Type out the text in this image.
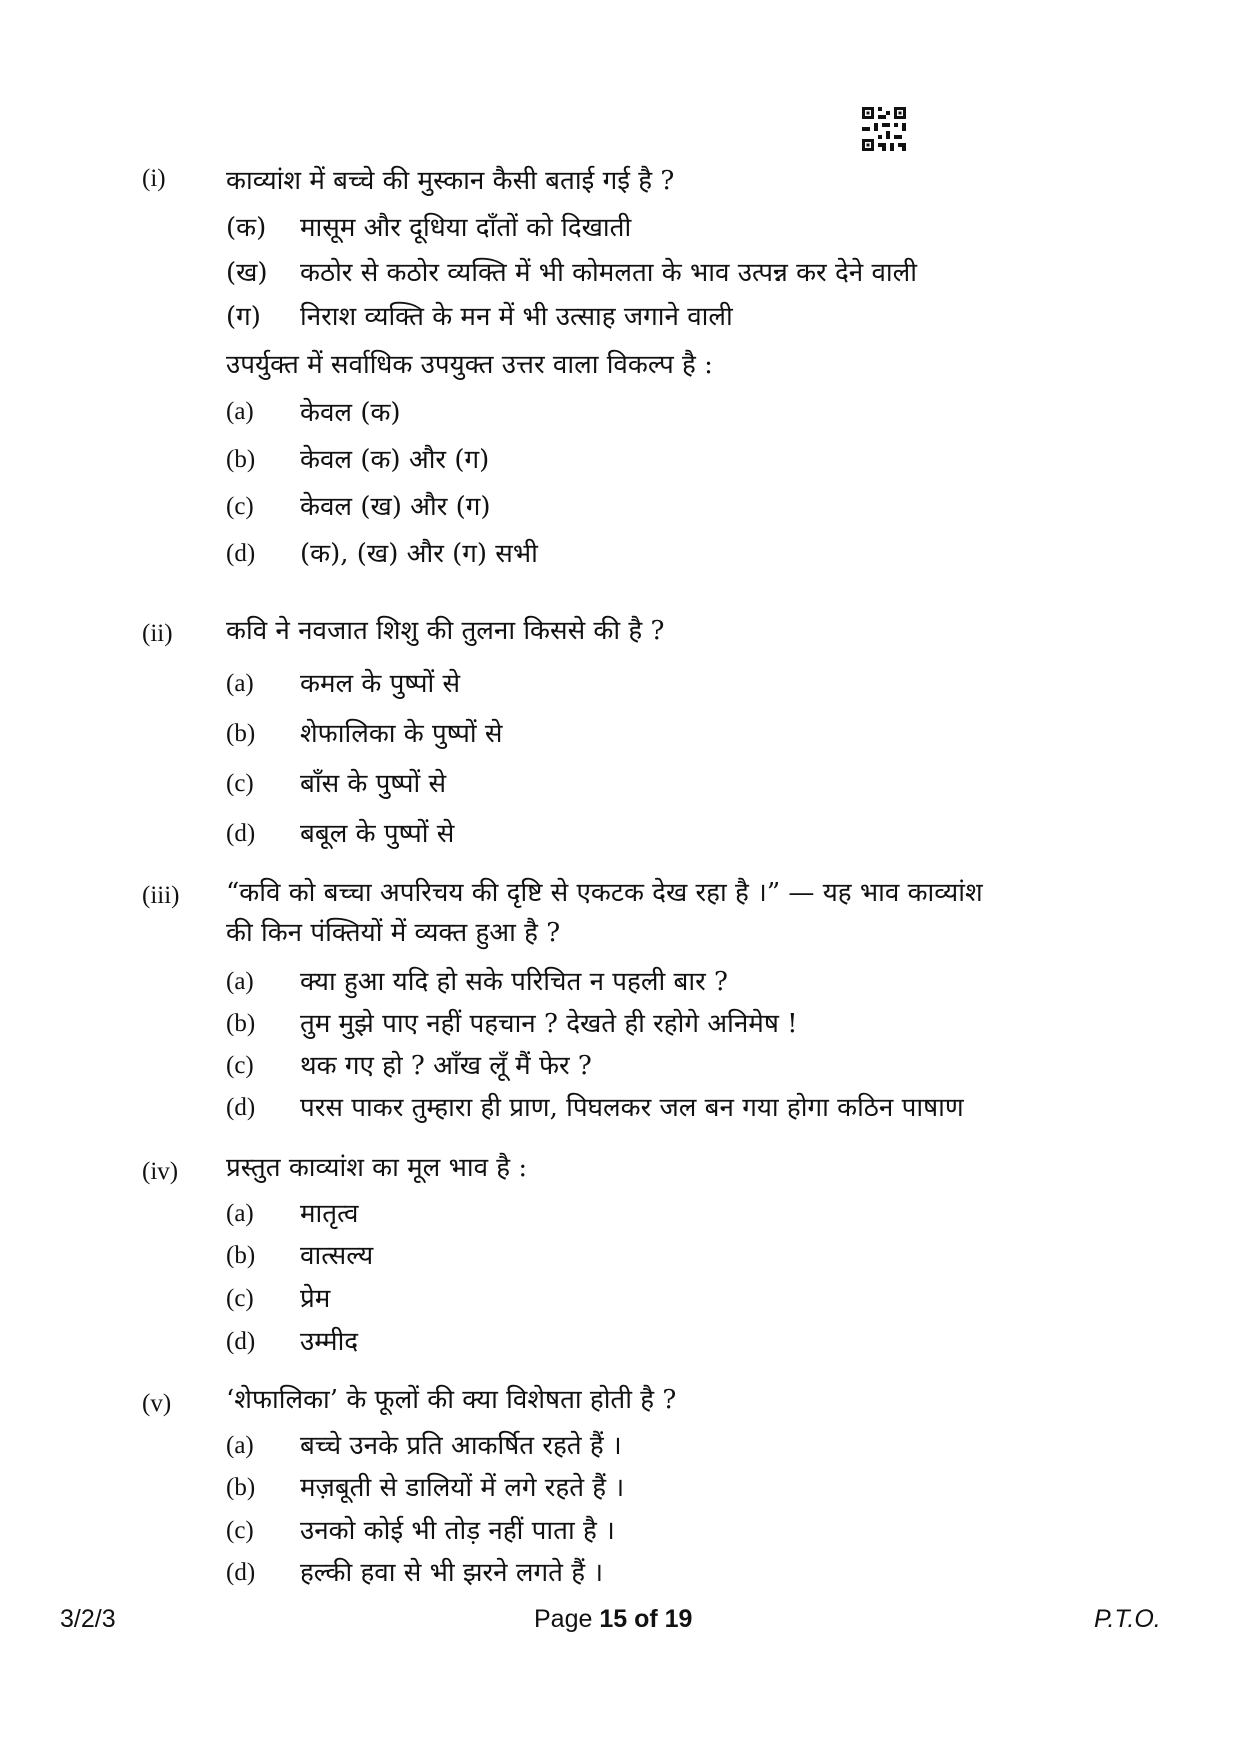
(i) काव्यांश में बच्चे की मुस्कान कैसी बताई गई है ?
(क) मासूम और दूधिया दाँतों को दिखाती
(ख) कठोर से कठोर व्यक्ति में भी कोमलता के भाव उत्पन्न कर देने वाली
(ग) निराश व्यक्ति के मन में भी उत्साह जगाने वाली
उपर्युक्त में सर्वाधिक उपयुक्त उत्तर वाला विकल्प है :
(a) केवल (क)
(b) केवल (क) और (ग)
(c) केवल (ख) और (ग)
(d) (क), (ख) और (ग) सभी
(ii) कवि ने नवजात शिशु की तुलना किससे की है ?
(a) कमल के पुष्पों से
(b) शेफालिका के पुष्पों से
(c) बाँस के पुष्पों से
(d) बबूल के पुष्पों से
(iii) “कवि को बच्चा अपरिचय की दृष्टि से एकटक देख रहा है ।” — यह भाव काव्यांश
की किन पंक्तियों में व्यक्त हुआ है ?
(a) क्या हुआ यदि हो सके परिचित न पहली बार ?
(b) तुम मुझे पाए नहीं पहचान ? देखते ही रहोगे अनिमेष !
(c) थक गए हो ? आँख लूँ मैं फेर ?
(d) परस पाकर तुम्हारा ही प्राण, पिघलकर जल बन गया होगा कठिन पाषाण
(iv) प्रस्तुत काव्यांश का मूल भाव है :
(a) मातृत्व
(b) वात्सल्य
(c) प्रेम
(d) उम्मीद
(v) ‘शेफालिका’ के फूलों की क्या विशेषता होती है ?
(a) बच्चे उनके प्रति आकर्षित रहते हैं ।
(b) मज़बूती से डालियों में लगे रहते हैं ।
(c) उनको कोई भी तोड़ नहीं पाता है ।
(d) हल्की हवा से भी झरने लगते हैं ।
3/2/3	Page 15 of 19	P.T.O.
